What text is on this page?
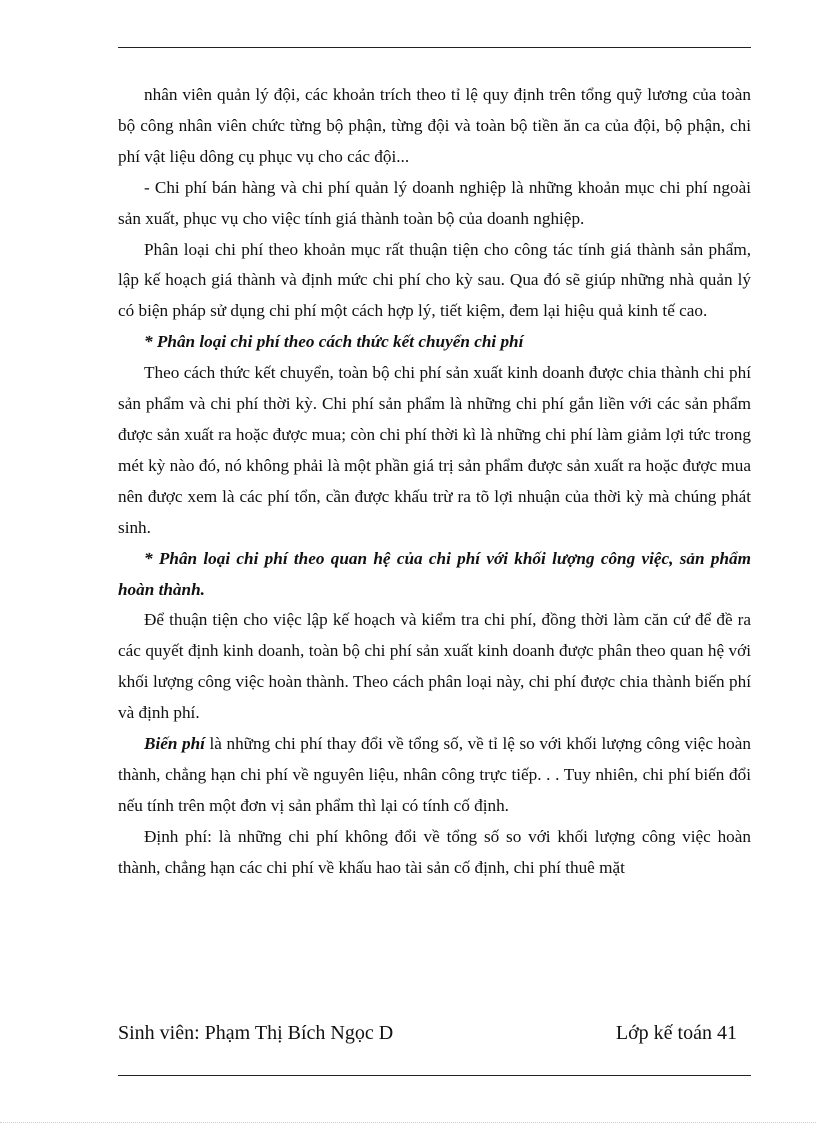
nhân viên quản lý đội, các khoản trích theo tỉ lệ quy định trên tổng quỹ lương của toàn bộ công nhân viên chức từng bộ phận, từng đội và toàn bộ tiền ăn ca của đội, bộ phận, chi phí vật liệu dông cụ phục vụ cho các đội...

- Chi phí bán hàng và chi phí quản lý doanh nghiệp là những khoản mục chi phí ngoài sản xuất, phục vụ cho việc tính giá thành toàn bộ của doanh nghiệp.

Phân loại chi phí theo khoản mục rất thuận tiện cho công tác tính giá thành sản phẩm, lập kế hoạch giá thành và định mức chi phí cho kỳ sau. Qua đó sẽ giúp những nhà quản lý có biện pháp sử dụng chi phí một cách hợp lý, tiết kiệm, đem lại hiệu quả kinh tế cao.

* Phân loại chi phí theo cách thức kết chuyển chi phí

Theo cách thức kết chuyển, toàn bộ chi phí sản xuất kinh doanh được chia thành chi phí sản phẩm và chi phí thời kỳ. Chi phí sản phẩm là những chi phí gắn liền với các sản phẩm được sản xuất ra hoặc được mua; còn chi phí thời kì là những chi phí làm giảm lợi tức trong mét kỳ nào đó, nó không phải là một phần giá trị sản phẩm được sản xuất ra hoặc được mua nên được xem là các phí tổn, cần được khấu trừ ra tõ lợi nhuận của thời kỳ mà chúng phát sinh.

* Phân loại chi phí theo quan hệ của chi phí với khối lượng công việc, sản phẩm hoàn thành.

Để thuận tiện cho việc lập kế hoạch và kiểm tra chi phí, đồng thời làm căn cứ để đề ra các quyết định kinh doanh, toàn bộ chi phí sản xuất kinh doanh được phân theo quan hệ với khối lượng công việc hoàn thành. Theo cách phân loại này, chi phí được chia thành biến phí và định phí.

Biến phí là những chi phí thay đổi về tổng số, về tỉ lệ so với khối lượng công việc hoàn thành, chẳng hạn chi phí về nguyên liệu, nhân công trực tiếp. . . Tuy nhiên, chi phí biến đổi nếu tính trên một đơn vị sản phẩm thì lại có tính cố định.

Định phí: là những chi phí không đổi về tổng số so với khối lượng công việc hoàn thành, chẳng hạn các chi phí về khấu hao tài sản cố định, chi phí thuê mặt

Sinh viên: Phạm Thị Bích Ngọc D	Lớp kế toán 41
